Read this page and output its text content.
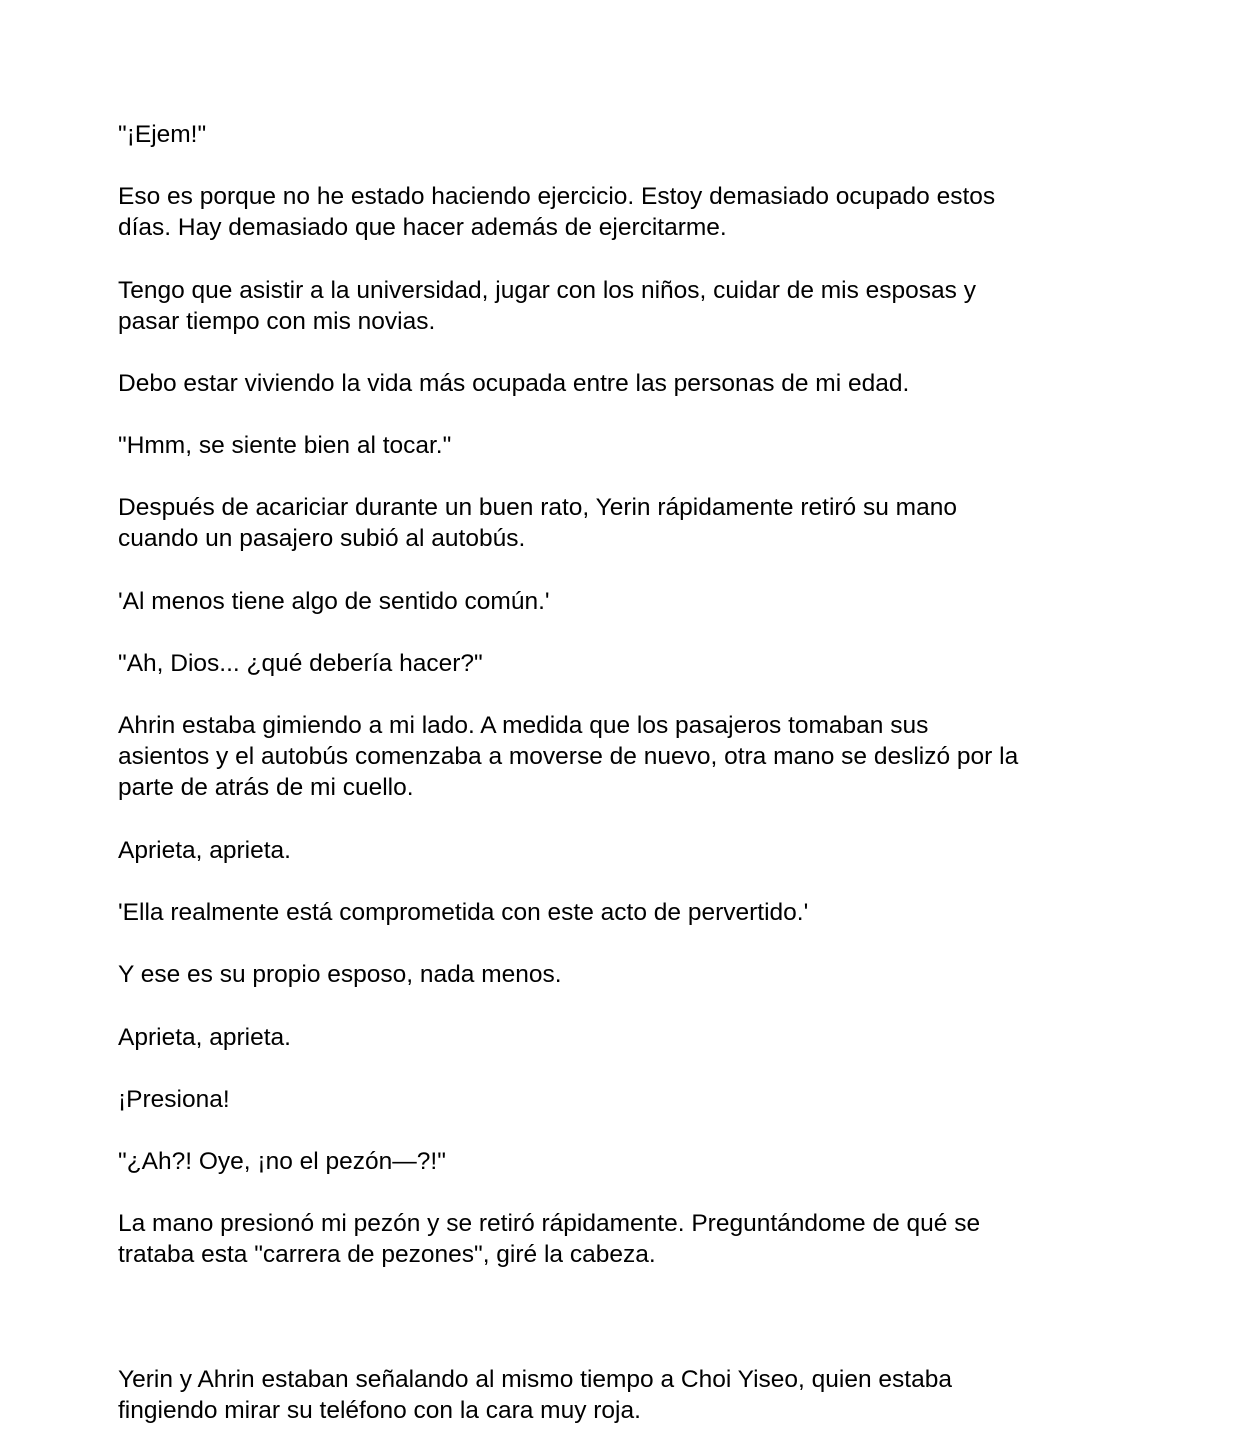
"¡Ejem!"

Eso es porque no he estado haciendo ejercicio. Estoy demasiado ocupado estos
días. Hay demasiado que hacer además de ejercitarme.

Tengo que asistir a la universidad, jugar con los niños, cuidar de mis esposas y
pasar tiempo con mis novias.

Debo estar viviendo la vida más ocupada entre las personas de mi edad.

"Hmm, se siente bien al tocar."

Después de acariciar durante un buen rato, Yerin rápidamente retiró su mano
cuando un pasajero subió al autobús.

'Al menos tiene algo de sentido común.'

"Ah, Dios... ¿qué debería hacer?"

Ahrin estaba gimiendo a mi lado. A medida que los pasajeros tomaban sus
asientos y el autobús comenzaba a moverse de nuevo, otra mano se deslizó por la
parte de atrás de mi cuello.

Aprieta, aprieta.

'Ella realmente está comprometida con este acto de pervertido.'

Y ese es su propio esposo, nada menos.

Aprieta, aprieta.

¡Presiona!

"¿Ah?! Oye, ¡no el pezón—?!"

La mano presionó mi pezón y se retiró rápidamente. Preguntándome de qué se
trataba esta "carrera de pezones", giré la cabeza.

Yerin y Ahrin estaban señalando al mismo tiempo a Choi Yiseo, quien estaba
fingiendo mirar su teléfono con la cara muy roja.
